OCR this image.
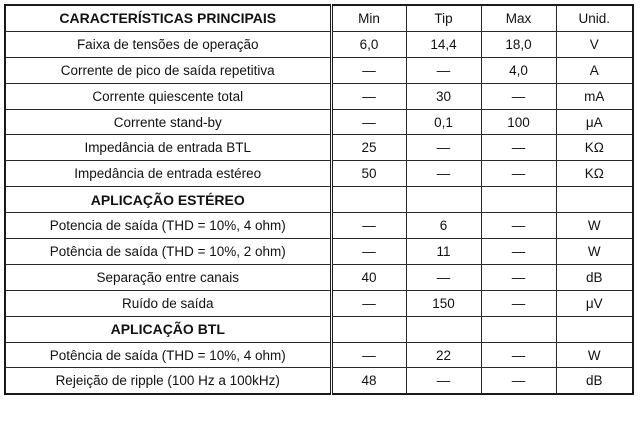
CARACTERÍSTICAS PRINCIPAIS	Min	Tip	Max	Unid.
Faixa de tensões de operação	6,0	14,4	18,0	V
Corrente de pico de saída repetitiva	—	—	4,0	A
Corrente quiescente total	—	30	—	mA
Corrente stand-by	—	0,1	100	μA
Impedância de entrada BTL	25	—	—	KΩ
Impedância de entrada estéreo	50	—	—	KΩ
APLICAÇÃO ESTÉREO				
Potencia de saída (THD = 10%, 4 ohm)	—	6	—	W
Potência de saída (THD = 10%, 2 ohm)	—	11	—	W
Separação entre canais	40	—	—	dB
Ruído de saída	—	150	—	μV
APLICAÇÃO BTL				
Potência de saída (THD = 10%, 4 ohm)	—	22	—	W
Rejeição de ripple (100 Hz a 100kHz)	48	—	—	dB
